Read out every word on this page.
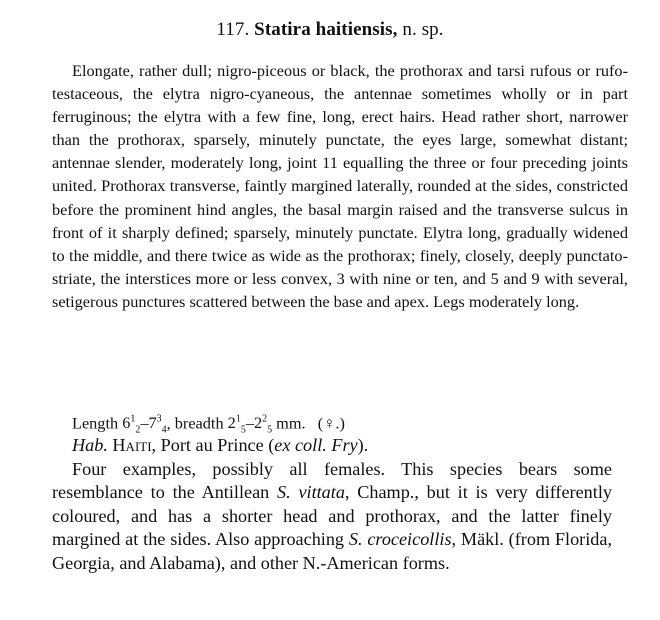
117. Statira haitiensis, n. sp.

Elongate, rather dull; nigro-piceous or black, the prothorax and tarsi rufous or rufo-testaceous, the elytra nigro-cyaneous, the antennae sometimes wholly or in part ferruginous; the elytra with a few fine, long, erect hairs. Head rather short, narrower than the prothorax, sparsely, minutely punctate, the eyes large, somewhat distant; antennae slender, moderately long, joint 11 equalling the three or four preceding joints united. Prothorax transverse, faintly margined laterally, rounded at the sides, constricted before the prominent hind angles, the basal margin raised and the transverse sulcus in front of it sharply defined; sparsely, minutely punctate. Elytra long, gradually widened to the middle, and there twice as wide as the prothorax; finely, closely, deeply punctato-striate, the interstices more or less convex, 3 with nine or ten, and 5 and 9 with several, setigerous punctures scattered between the base and apex. Legs moderately long.

Length $6^1_2-7^3_4$, breadth $2^1_5-2^2_5$ mm. (♀.)
Hab. Haiti, Port au Prince (ex coll. Fry).

Four examples, possibly all females. This species bears some resemblance to the Antillean S. vittata, Champ., but it is very differently coloured, and has a shorter head and prothorax, and the latter finely margined at the sides. Also approaching S. croceicollis, Mäkl. (from Florida, Georgia, and Alabama), and other N.-American forms.
